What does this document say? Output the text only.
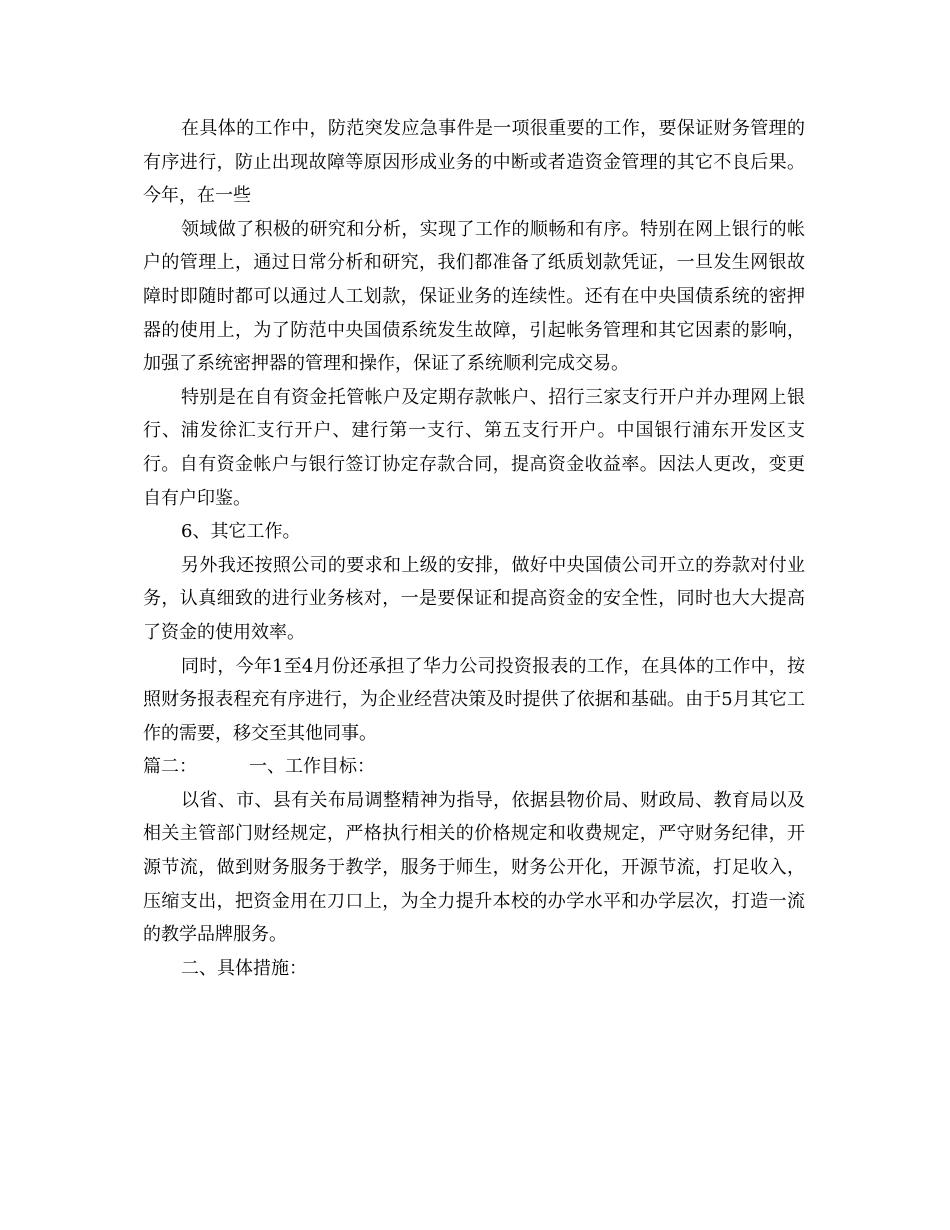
在具体的工作中，防范突发应急事件是一项很重要的工作，要保证财务管理的有序进行，防止出现故障等原因形成业务的中断或者造资金管理的其它不良后果。今年，在一些

领域做了积极的研究和分析，实现了工作的顺畅和有序。特别在网上银行的帐户的管理上，通过日常分析和研究，我们都准备了纸质划款凭证，一旦发生网银故障时即随时都可以通过人工划款，保证业务的连续性。还有在中央国债系统的密押器的使用上，为了防范中央国债系统发生故障，引起帐务管理和其它因素的影响，加强了系统密押器的管理和操作，保证了系统顺利完成交易。

特别是在自有资金托管帐户及定期存款帐户、招行三家支行开户并办理网上银行、浦发徐汇支行开户、建行第一支行、第五支行开户。中国银行浦东开发区支行。自有资金帐户与银行签订协定存款合同，提高资金收益率。因法人更改，变更自有户印鉴。

6、其它工作。

另外我还按照公司的要求和上级的安排，做好中央国债公司开立的券款对付业务，认真细致的进行业务核对，一是要保证和提高资金的安全性，同时也大大提高了资金的使用效率。

同时，今年1至4月份还承担了华力公司投资报表的工作，在具体的工作中，按照财务报表程充有序进行，为企业经营决策及时提供了依据和基础。由于5月其它工作的需要，移交至其他同事。

篇二：	一、工作目标：

以省、市、县有关布局调整精神为指导，依据县物价局、财政局、教育局以及相关主管部门财经规定，严格执行相关的价格规定和收费规定，严守财务纪律，开源节流，做到财务服务于教学，服务于师生，财务公开化，开源节流，打足收入，压缩支出，把资金用在刀口上，为全力提升本校的办学水平和办学层次，打造一流的教学品牌服务。

二、具体措施：
